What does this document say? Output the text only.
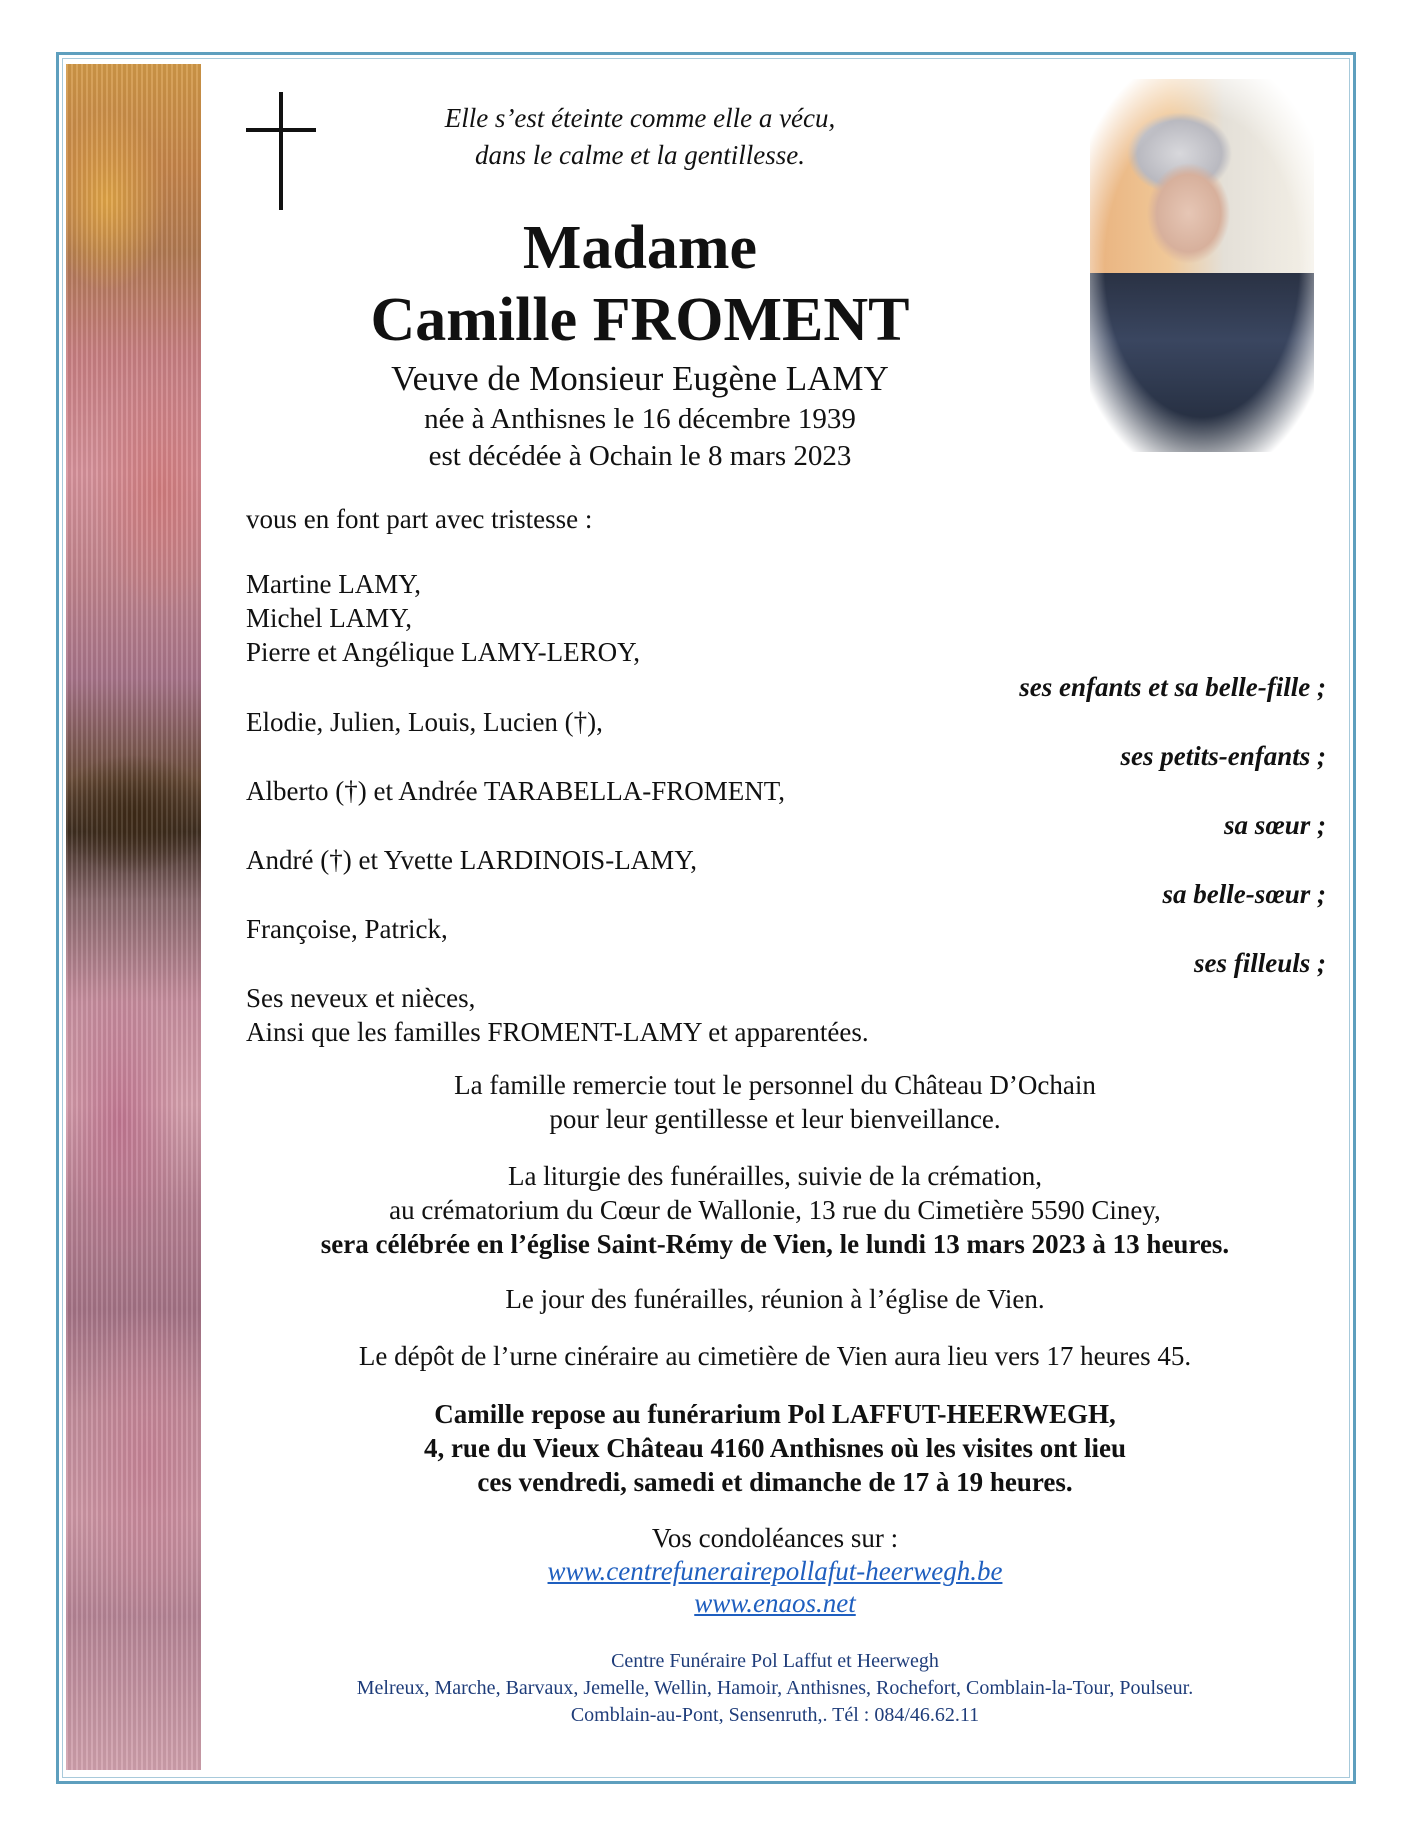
Elle s’est éteinte comme elle a vécu,
dans le calme et la gentillesse.
Madame
Camille FROMENT
Veuve de Monsieur Eugène LAMY
née à Anthisnes le 16 décembre 1939
est décédée à Ochain le 8 mars 2023
vous en font part avec tristesse :
Martine LAMY,
Michel LAMY,
Pierre et Angélique LAMY-LEROY,
ses enfants et sa belle-fille ;
Elodie, Julien, Louis, Lucien (†),
ses petits-enfants ;
Alberto (†) et Andrée TARABELLA-FROMENT,
sa sœur ;
André (†) et Yvette LARDINOIS-LAMY,
sa belle-sœur ;
Françoise, Patrick,
ses filleuls ;
Ses neveux et nièces,
Ainsi que les familles FROMENT-LAMY et apparentées.
La famille remercie tout le personnel du Château D’Ochain
pour leur gentillesse et leur bienveillance.
La liturgie des funérailles, suivie de la crémation,
au crématorium du Cœur de Wallonie, 13 rue du Cimetière 5590 Ciney,
sera célébrée en l’église Saint-Rémy de Vien, le lundi 13 mars 2023 à 13 heures.
Le jour des funérailles, réunion à l’église de Vien.
Le dépôt de l’urne cinéraire au cimetière de Vien aura lieu vers 17 heures 45.
Camille repose au funérarium Pol LAFFUT-HEERWEGH,
4, rue du Vieux Château 4160 Anthisnes où les visites ont lieu
ces vendredi, samedi et dimanche de 17 à 19 heures.
Vos condoléances sur :
www.centrefunerairepollafut-heerwegh.be
www.enaos.net
Centre Funéraire Pol Laffut et Heerwegh
Melreux, Marche, Barvaux, Jemelle, Wellin, Hamoir, Anthisnes, Rochefort, Comblain-la-Tour, Poulseur.
Comblain-au-Pont, Sensenruth,. Tél : 084/46.62.11
